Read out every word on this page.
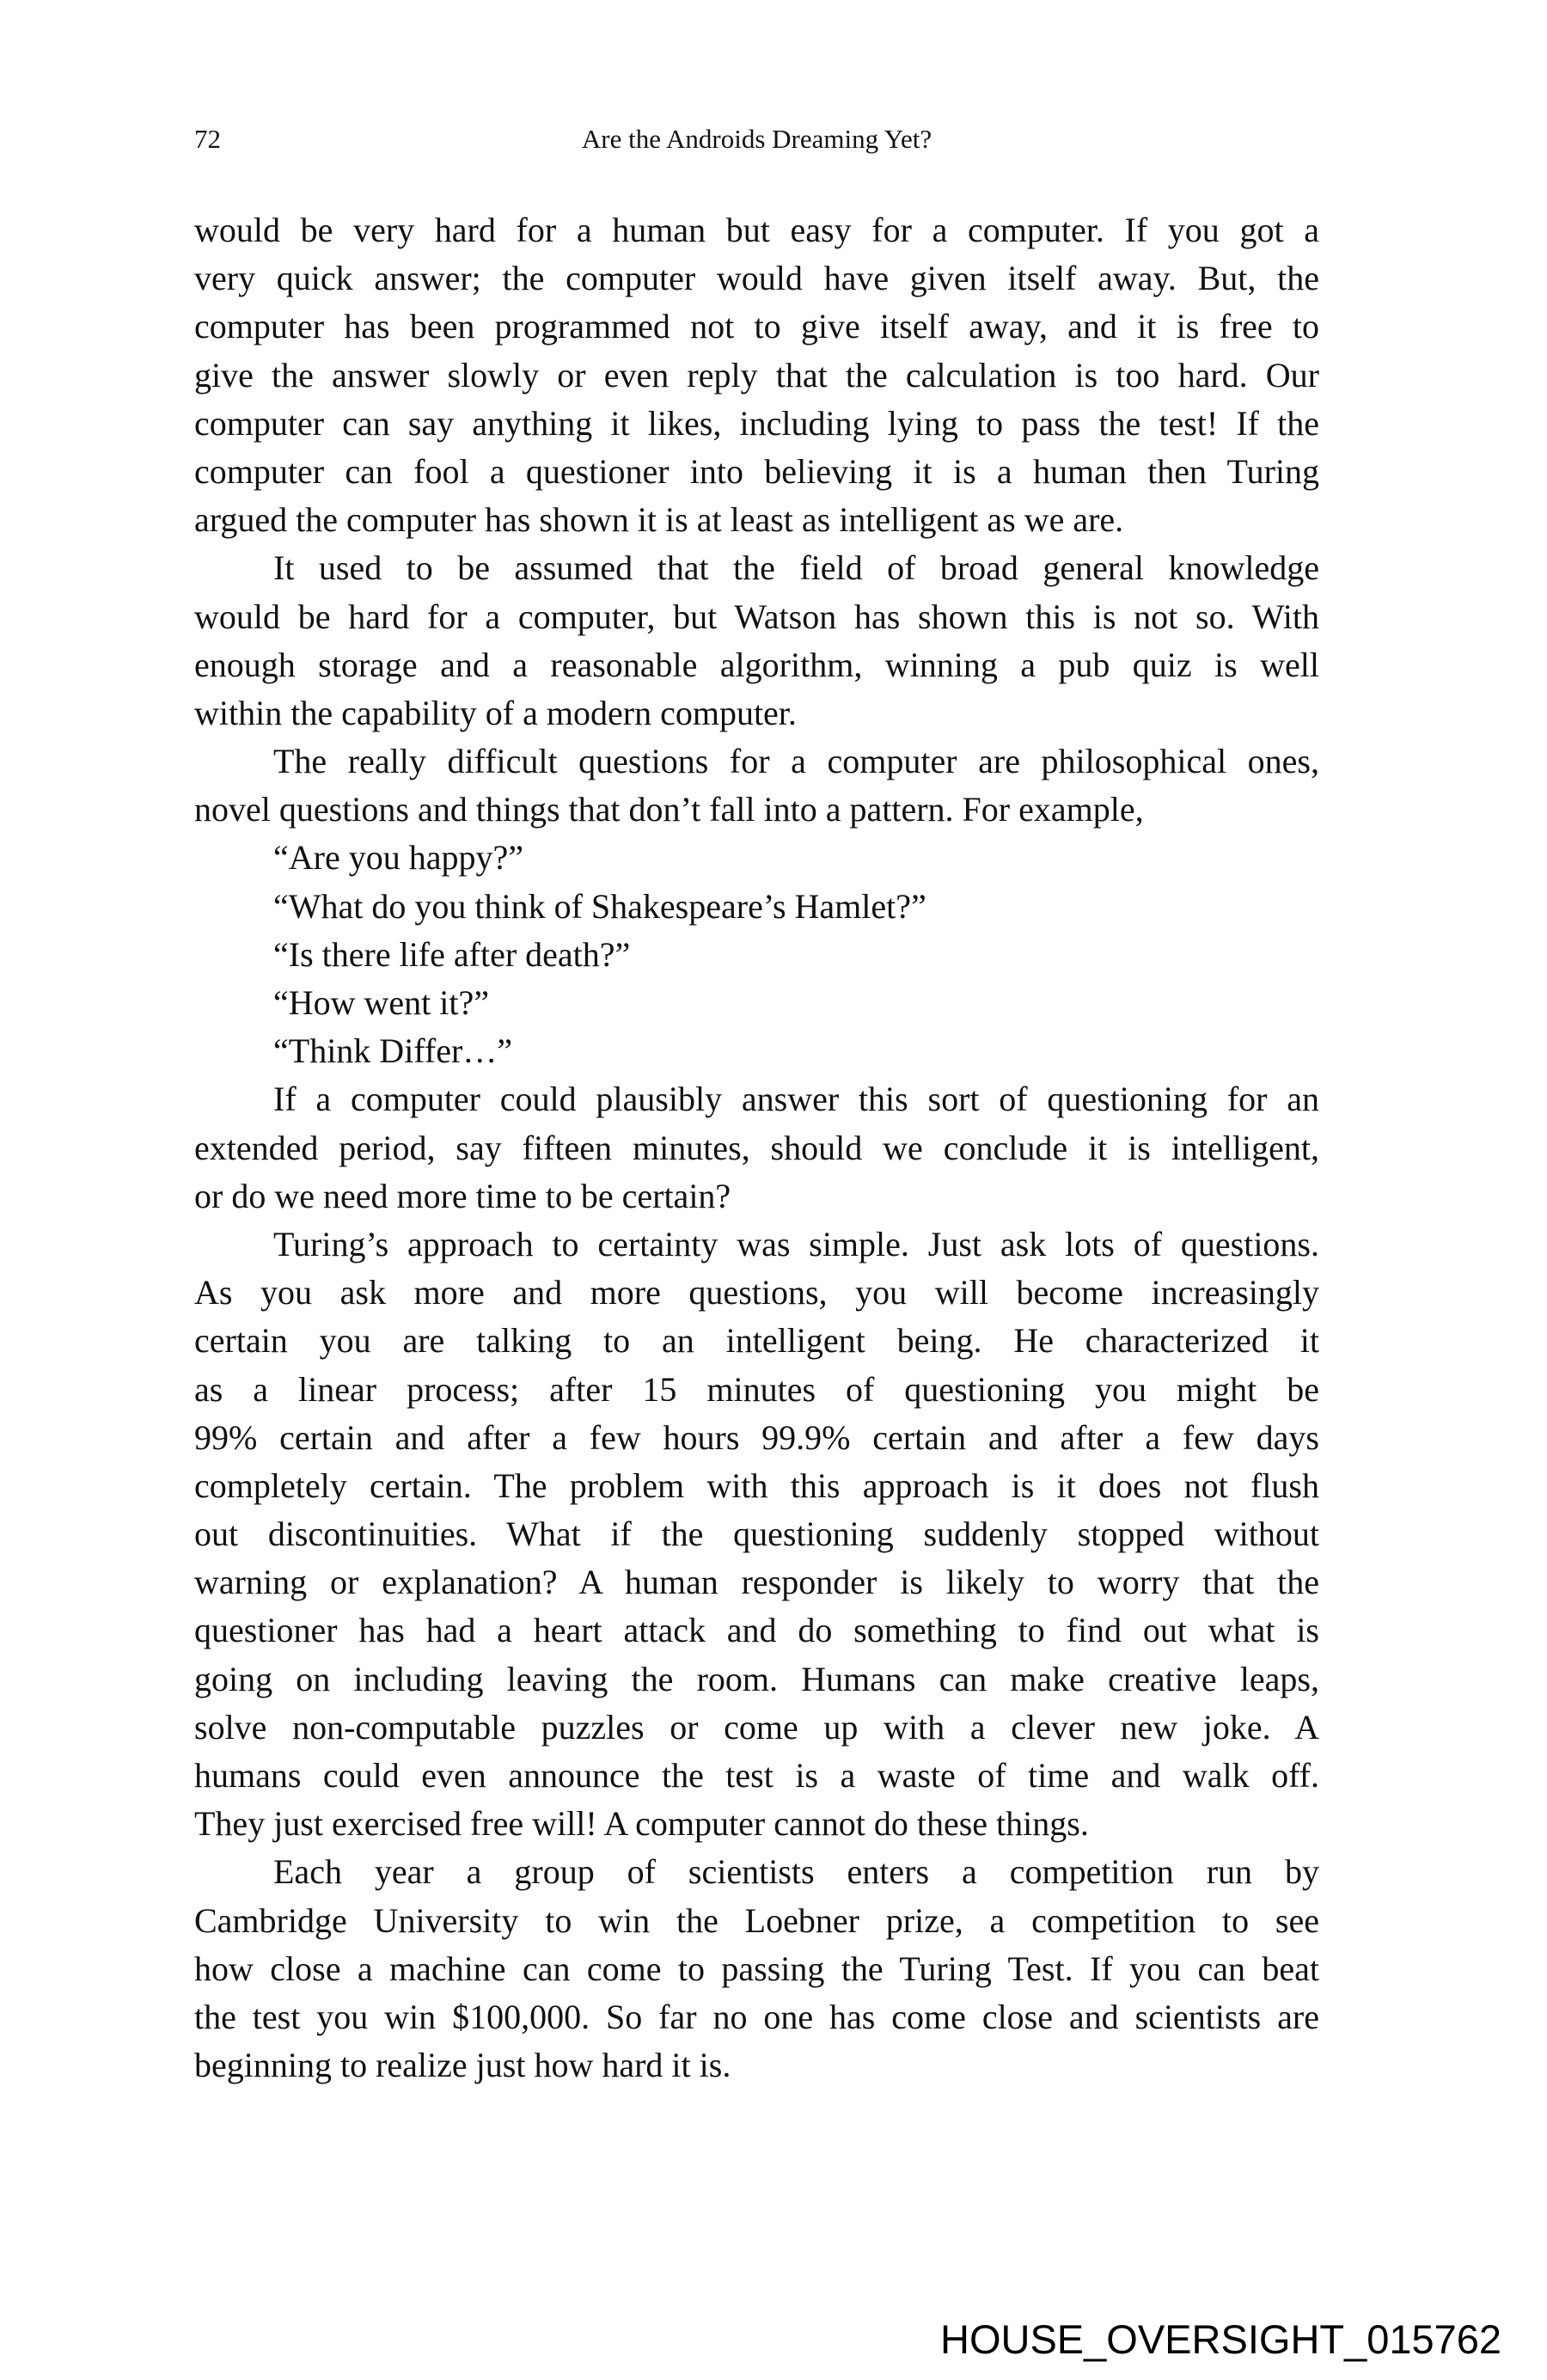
72	Are the Androids Dreaming Yet?
would be very hard for a human but easy for a computer. If you got a
very quick answer; the computer would have given itself away. But, the
computer has been programmed not to give itself away, and it is free to
give the answer slowly or even reply that the calculation is too hard. Our
computer can say anything it likes, including lying to pass the test! If the
computer can fool a questioner into believing it is a human then Turing
argued the computer has shown it is at least as intelligent as we are.
It used to be assumed that the field of broad general knowledge
would be hard for a computer, but Watson has shown this is not so. With
enough storage and a reasonable algorithm, winning a pub quiz is well
within the capability of a modern computer.
The really difficult questions for a computer are philosophical ones,
novel questions and things that don’t fall into a pattern. For example,
“Are you happy?”
“What do you think of Shakespeare’s Hamlet?”
“Is there life after death?”
“How went it?”
“Think Differ…”
If a computer could plausibly answer this sort of questioning for an
extended period, say fifteen minutes, should we conclude it is intelligent,
or do we need more time to be certain?
Turing’s approach to certainty was simple. Just ask lots of questions.
As you ask more and more questions, you will become increasingly
certain you are talking to an intelligent being. He characterized it
as a linear process; after 15 minutes of questioning you might be
99% certain and after a few hours 99.9% certain and after a few days
completely certain. The problem with this approach is it does not flush
out discontinuities. What if the questioning suddenly stopped without
warning or explanation? A human responder is likely to worry that the
questioner has had a heart attack and do something to find out what is
going on including leaving the room. Humans can make creative leaps,
solve non-computable puzzles or come up with a clever new joke. A
humans could even announce the test is a waste of time and walk off.
They just exercised free will! A computer cannot do these things.
Each year a group of scientists enters a competition run by
Cambridge University to win the Loebner prize, a competition to see
how close a machine can come to passing the Turing Test. If you can beat
the test you win $100,000. So far no one has come close and scientists are
beginning to realize just how hard it is.
HOUSE_OVERSIGHT_015762
